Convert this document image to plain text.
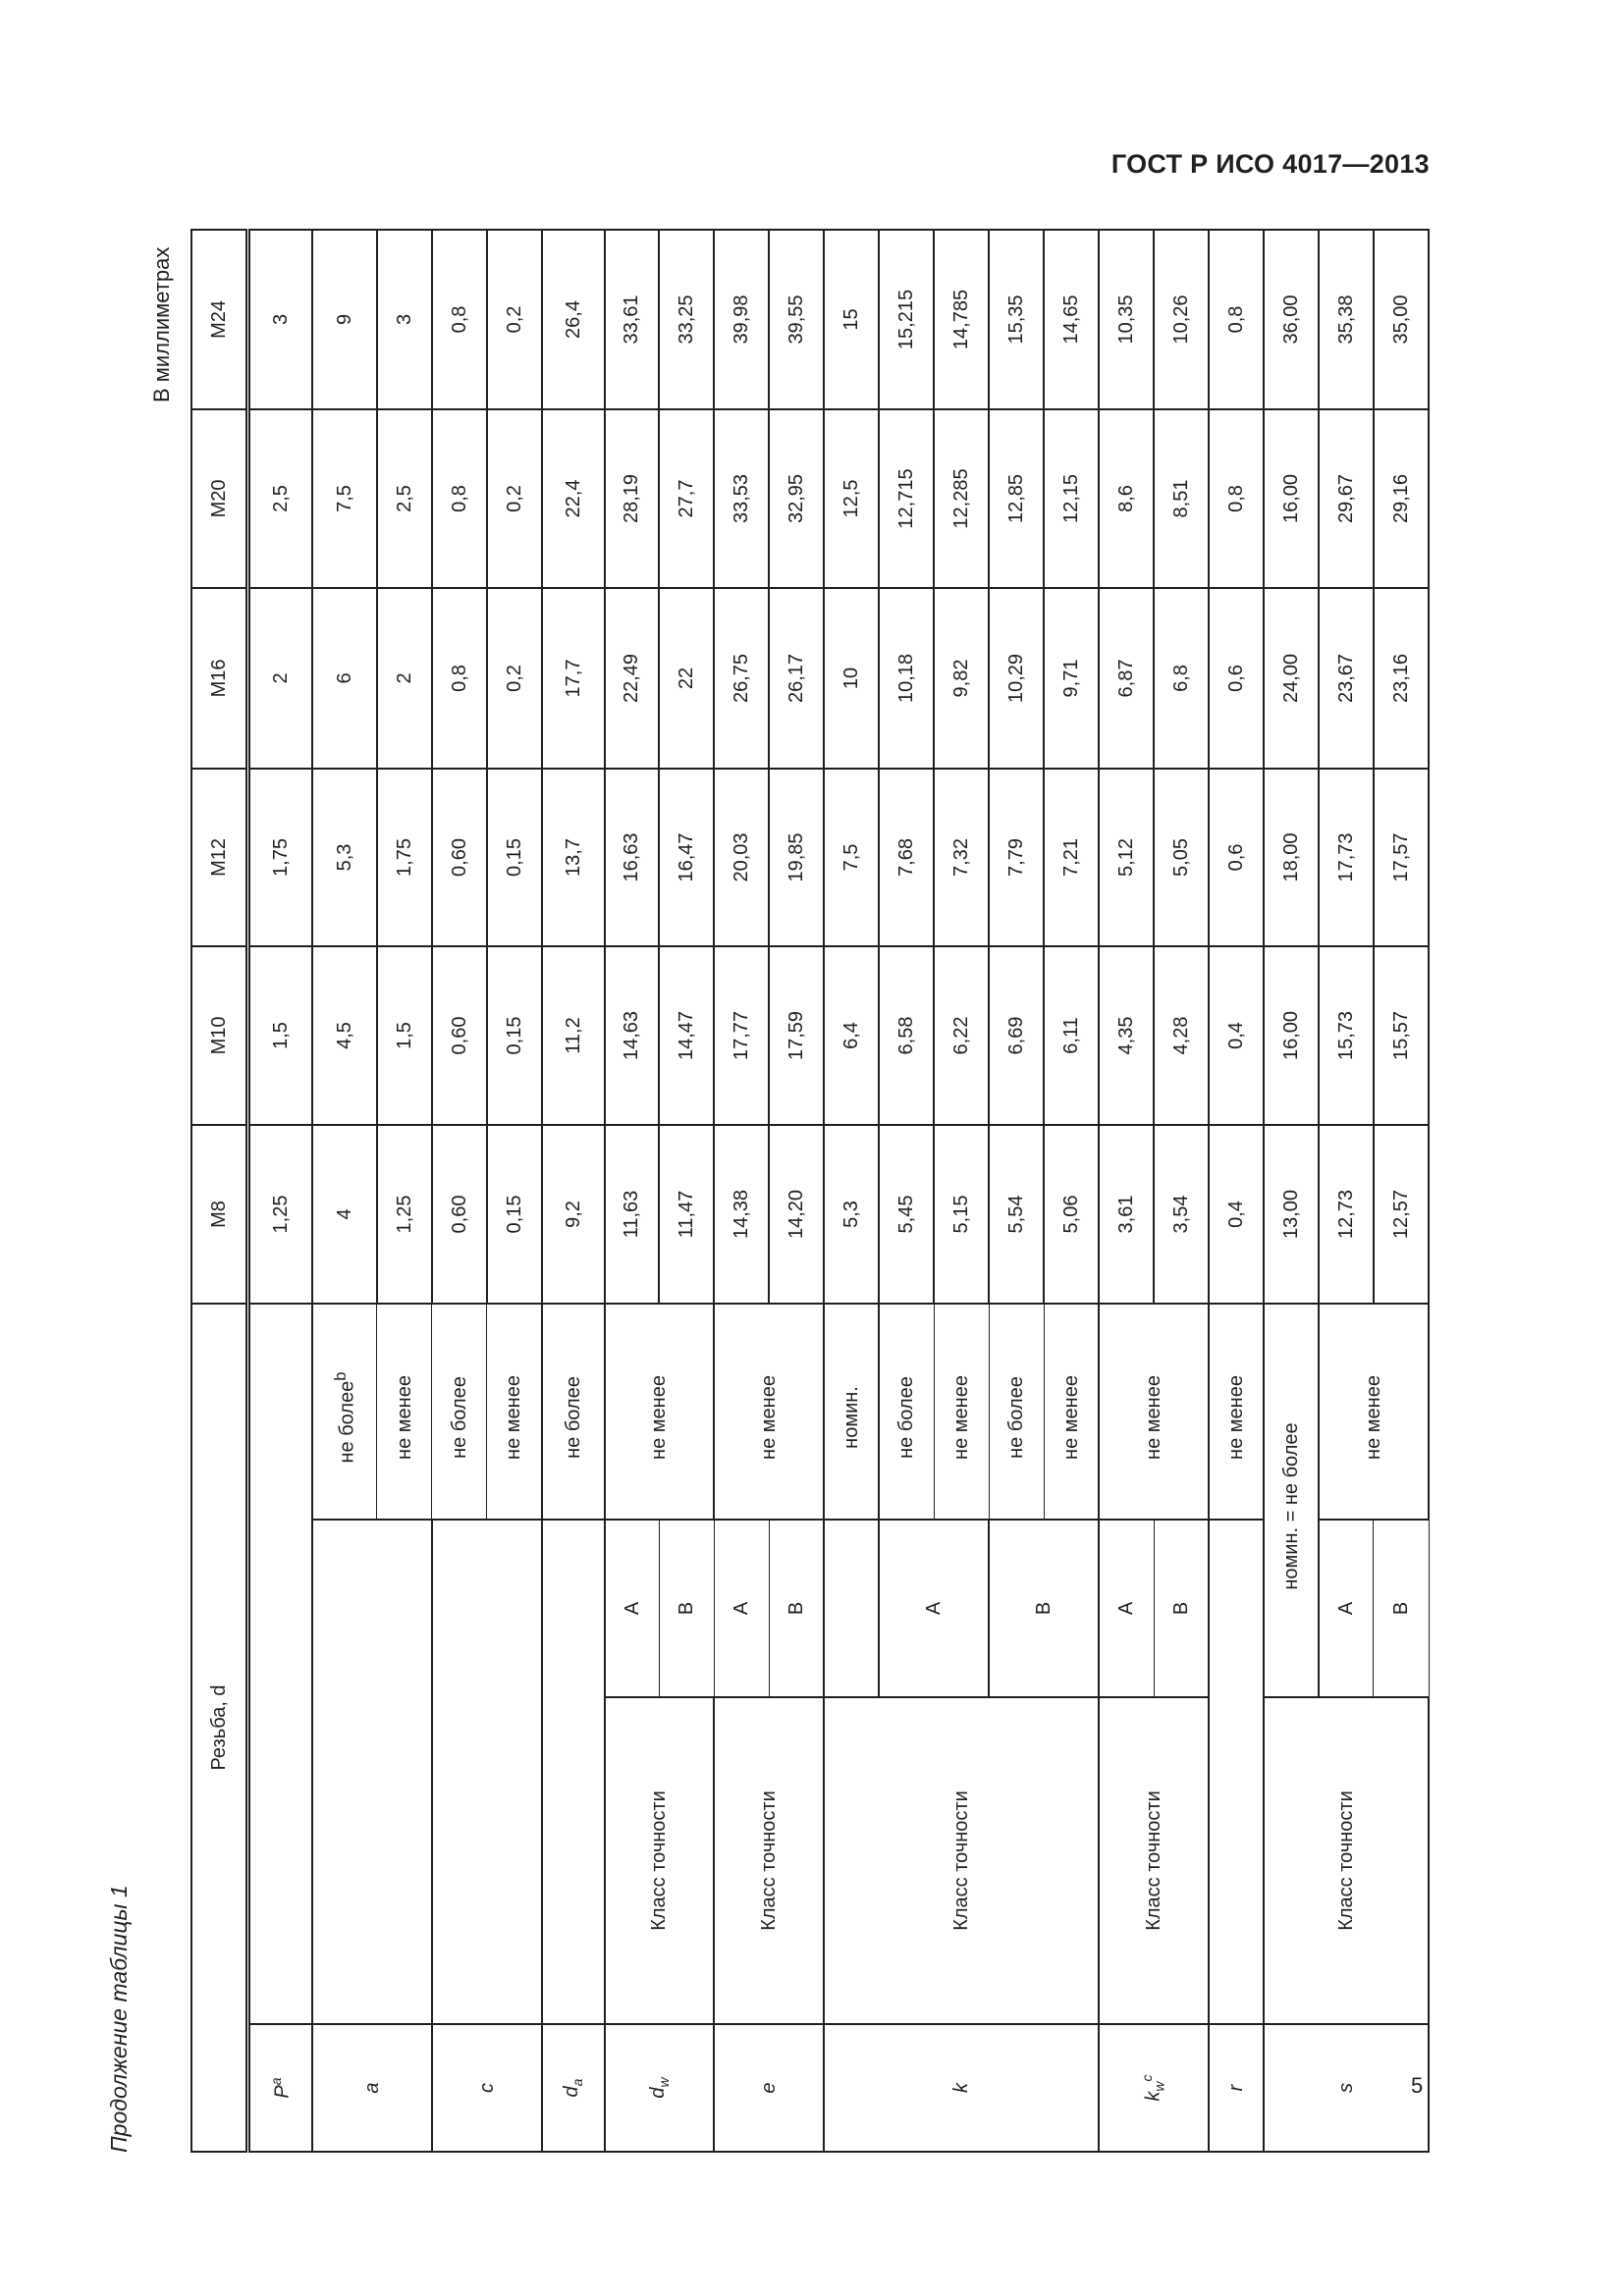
ГОСТ Р ИСО 4017—2013
В миллиметрах
Продолжение таблицы 1	5
Резьба, d				M8	M10	M12	M16	M20	M24
$P^a$				1,25	1,5	1,75	2	2,5	3
a			не более$^b$	4	4,5	5,3	6	7,5	9
			не менее	1,25	1,5	1,75	2	2,5	3
c			не более	0,60	0,60	0,60	0,8	0,8	0,8
			не менее	0,15	0,15	0,15	0,2	0,2	0,2
$d_a$			не более	9,2	11,2	13,7	17,7	22,4	26,4
$d_w$	Класс точности	A	не менее	11,63	14,63	16,63	22,49	28,19	33,61
		B		11,47	14,47	16,47	22	27,7	33,25
e	Класс точности	A	не менее	14,38	17,77	20,03	26,75	33,53	39,98
		B		14,20	17,59	19,85	26,17	32,95	39,55
k	Класс точности		номин.	5,3	6,4	7,5	10	12,5	15
		A	не более	5,45	6,58	7,68	10,18	12,715	15,215
			не менее	5,15	6,22	7,32	9,82	12,285	14,785
		B	не более	5,54	6,69	7,79	10,29	12,85	15,35
			не менее	5,06	6,11	7,21	9,71	12,15	14,65
$k_w^c$	Класс точности	A	не менее	3,61	4,35	5,12	6,87	8,6	10,35
		B		3,54	4,28	5,05	6,8	8,51	10,26
r			не менее	0,4	0,4	0,6	0,6	0,8	0,8
s	Класс точности	номин. = не более		13,00	16,00	18,00	24,00	16,00	36,00
		A	не менее	12,73	15,73	17,73	23,67	29,67	35,38
		B		12,57	15,57	17,57	23,16	29,16	35,00
